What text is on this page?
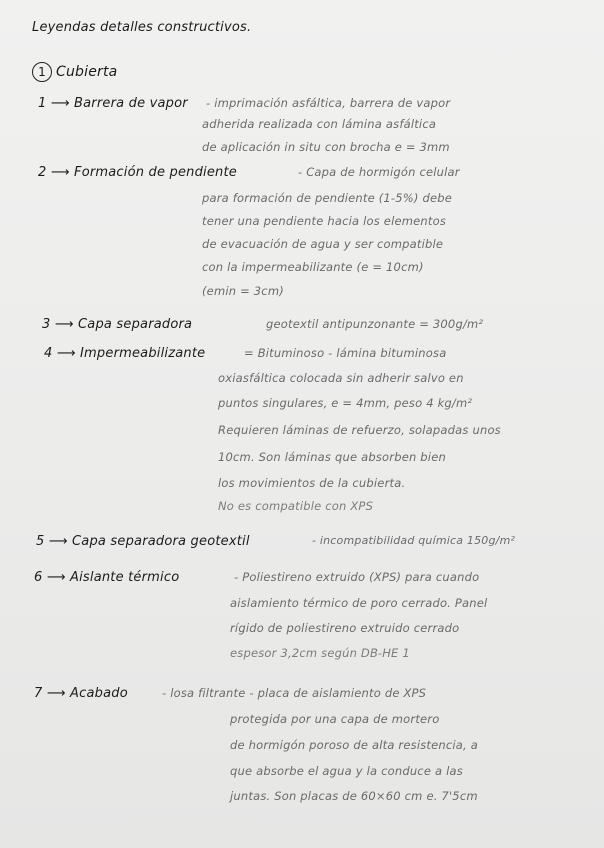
Leyendas detalles constructivos.
1 Cubierta
1 ⟶ Barrera de vapor - imprimación asfáltica, barrera de vapor
adherida realizada con lámina asfáltica
de aplicación in situ con brocha e = 3mm
2 ⟶ Formación de pendiente	- Capa de hormigón celular
para formación de pendiente (1-5%) debe
tener una pendiente hacia los elementos
de evacuación de agua y ser compatible
con la impermeabilizante (e = 10cm)
(emin = 3cm)
3 ⟶ Capa separadora	geotextil antipunzonante = 300g/m²
4 ⟶ Impermeabilizante	= Bituminoso - lámina bituminosa
oxiasfáltica colocada sin adherir salvo en
puntos singulares, e = 4mm, peso 4 kg/m²
Requieren láminas de refuerzo, solapadas unos
10cm. Son láminas que absorben bien
los movimientos de la cubierta.
No es compatible con XPS
5 ⟶ Capa separadora geotextil	- incompatibilidad química 150g/m²
6 ⟶ Aislante térmico	- Poliestireno extruido (XPS) para cuando
aislamiento térmico de poro cerrado. Panel
rígido de poliestireno extruido cerrado
espesor 3,2cm según DB-HE 1
7 ⟶ Acabado	- losa filtrante - placa de aislamiento de XPS
protegida por una capa de mortero
de hormigón poroso de alta resistencia, a
que absorbe el agua y la conduce a las
juntas. Son placas de 60×60 cm e. 7'5cm
